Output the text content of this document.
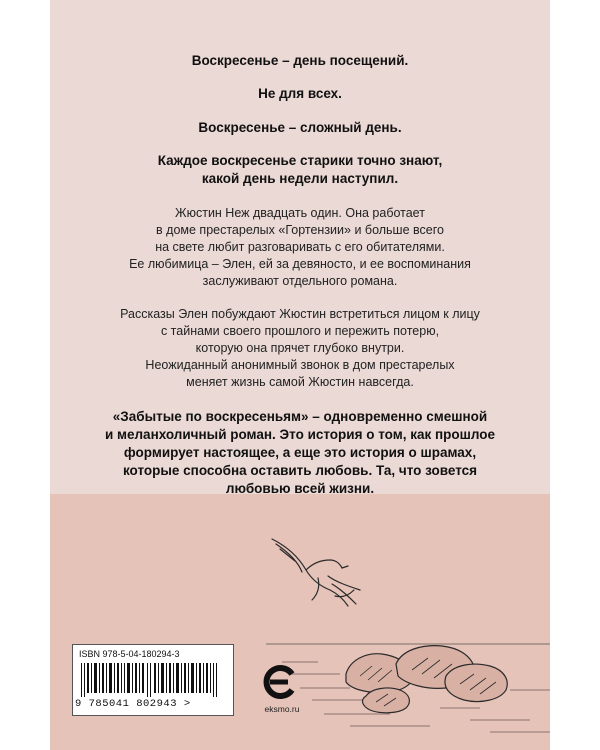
Воскресенье – день посещений.
Не для всех.
Воскресенье – сложный день.
Каждое воскресенье старики точно знают,
какой день недели наступил.
Жюстин Неж двадцать один. Она работает
в доме престарелых «Гортензии» и больше всего
на свете любит разговаривать с его обитателями.
Ее любимица – Элен, ей за девяносто, и ее воспоминания
заслуживают отдельного романа.
Рассказы Элен побуждают Жюстин встретиться лицом к лицу
с тайнами своего прошлого и пережить потерю,
которую она прячет глубоко внутри.
Неожиданный анонимный звонок в дом престарелых
меняет жизнь самой Жюстин навсегда.
«Забытые по воскресеньям» – одновременно смешной
и меланхоличный роман. Это история о том, как прошлое
формирует настоящее, а еще это история о шрамах,
которые способна оставить любовь. Та, что зовется
любовью всей жизни.
ISBN 978-5-04-180294-3
9 785041 802943 >	eksmo.ru
